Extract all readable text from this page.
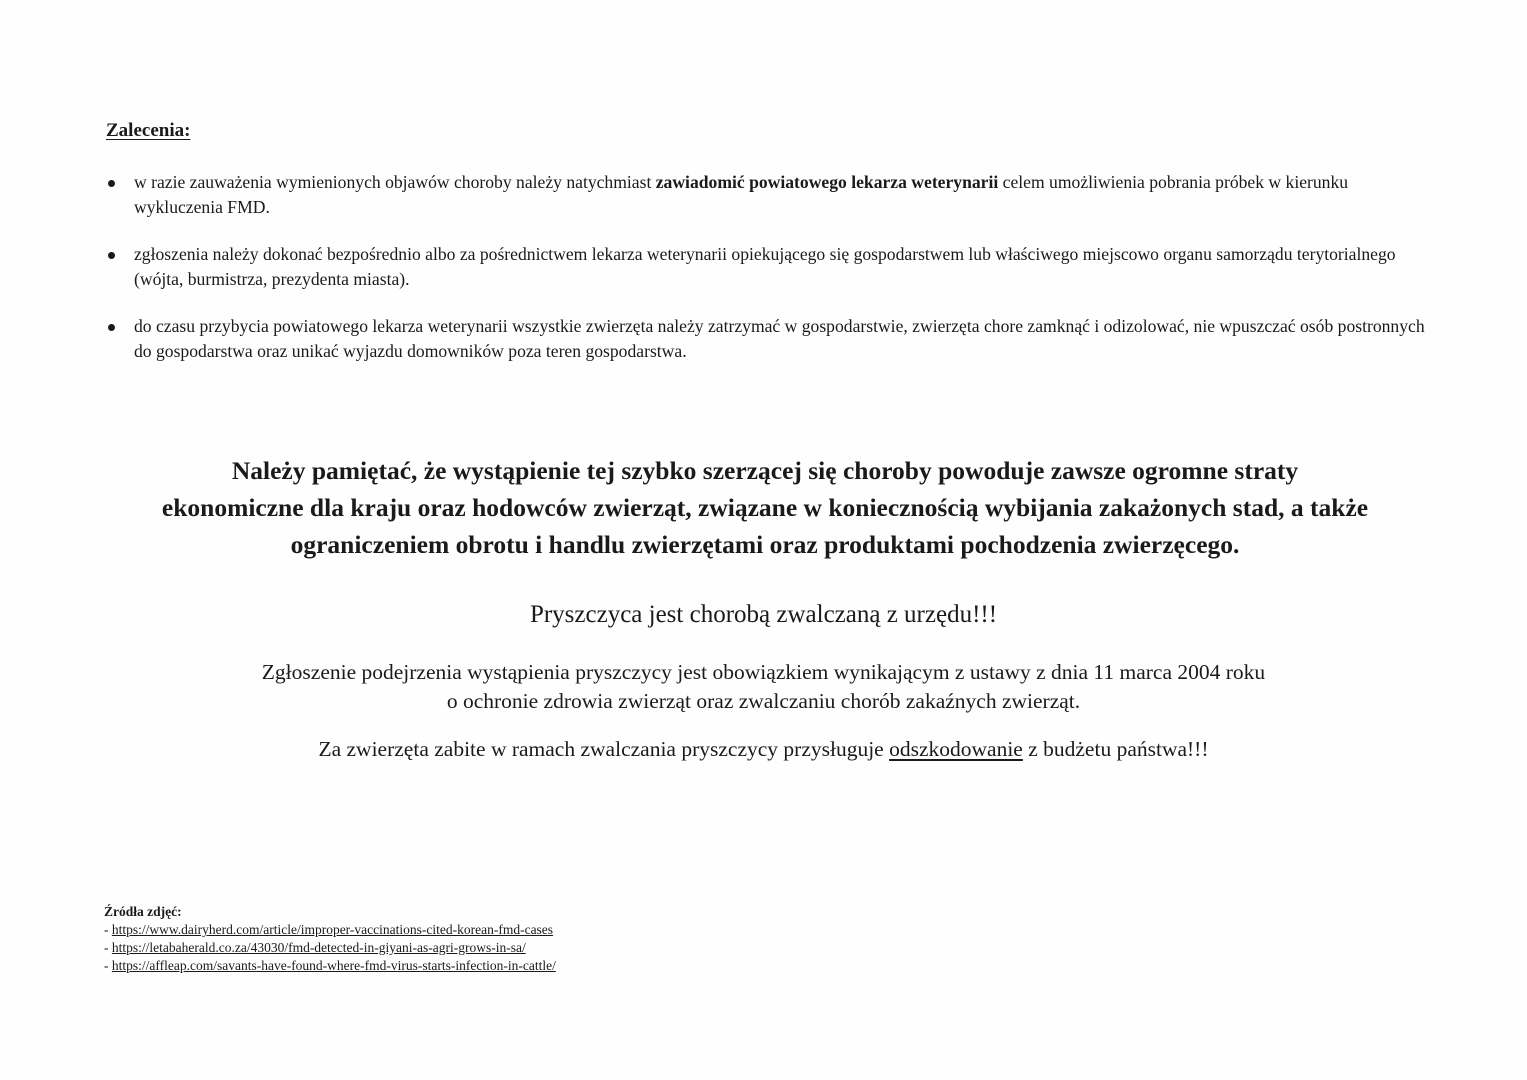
Zalecenia:
w razie zauważenia wymienionych objawów choroby należy natychmiast zawiadomić powiatowego lekarza weterynarii celem umożliwienia pobrania próbek w kierunku wykluczenia FMD.
zgłoszenia należy dokonać bezpośrednio albo za pośrednictwem lekarza weterynarii opiekującego się gospodarstwem lub właściwego miejscowo organu samorządu terytorialnego (wójta, burmistrza, prezydenta miasta).
do czasu przybycia powiatowego lekarza weterynarii wszystkie zwierzęta należy zatrzymać w gospodarstwie, zwierzęta chore zamknąć i odizolować, nie wpuszczać osób postronnych do gospodarstwa oraz unikać wyjazdu domowników poza teren gospodarstwa.
Należy pamiętać, że wystąpienie tej szybko szerzącej się choroby powoduje zawsze ogromne straty
ekonomiczne dla kraju oraz hodowców zwierząt, związane w koniecznością wybijania zakażonych stad, a także
ograniczeniem obrotu i handlu zwierzętami oraz produktami pochodzenia zwierzęcego.
Pryszczyca jest chorobą zwalczaną z urzędu!!!
Zgłoszenie podejrzenia wystąpienia pryszczycy jest obowiązkiem wynikającym z ustawy z dnia 11 marca 2004 roku
o ochronie zdrowia zwierząt oraz zwalczaniu chorób zakaźnych zwierząt.
Za zwierzęta zabite w ramach zwalczania pryszczycy przysługuje odszkodowanie z budżetu państwa!!!
Źródła zdjęć:
- https://www.dairyherd.com/article/improper-vaccinations-cited-korean-fmd-cases
- https://letabaherald.co.za/43030/fmd-detected-in-giyani-as-agri-grows-in-sa/
- https://affleap.com/savants-have-found-where-fmd-virus-starts-infection-in-cattle/
